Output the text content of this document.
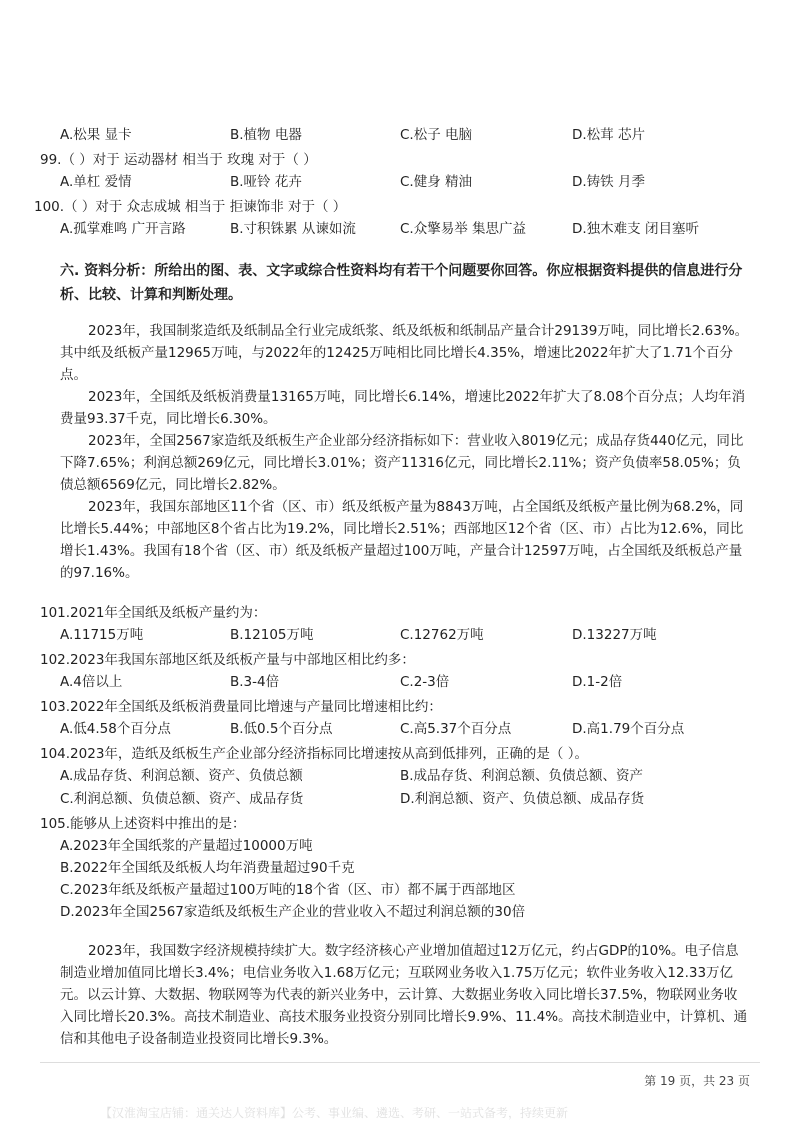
A.松果 显卡	B.植物 电器	C.松子 电脑	D.松茸 芯片
99.（ ）对于 运动器材 相当于 玫瑰 对于（ ）
A.单杠 爱情	B.哑铃 花卉	C.健身 精油	D.铸铁 月季
100.（ ）对于 众志成城 相当于 拒谏饰非 对于（ ）
A.孤掌难鸣 广开言路	B.寸积铢累 从谏如流	C.众擎易举 集思广益	D.独木难支 闭目塞听
六. 资料分析：所给出的图、表、文字或综合性资料均有若干个问题要你回答。你应根据资料提供的信息进行分析、比较、计算和判断处理。
2023年，我国制浆造纸及纸制品全行业完成纸浆、纸及纸板和纸制品产量合计29139万吨，同比增长2.63%。其中纸及纸板产量12965万吨，与2022年的12425万吨相比同比增长4.35%，增速比2022年扩大了1.71个百分点。
2023年，全国纸及纸板消费量13165万吨，同比增长6.14%，增速比2022年扩大了8.08个百分点；人均年消费量93.37千克，同比增长6.30%。
2023年，全国2567家造纸及纸板生产企业部分经济指标如下：营业收入8019亿元；成品存货440亿元，同比下降7.65%；利润总额269亿元，同比增长3.01%；资产11316亿元，同比增长2.11%；资产负债率58.05%；负债总额6569亿元，同比增长2.82%。
2023年，我国东部地区11个省（区、市）纸及纸板产量为8843万吨，占全国纸及纸板产量比例为68.2%，同比增长5.44%；中部地区8个省占比为19.2%，同比增长2.51%；西部地区12个省（区、市）占比为12.6%，同比增长1.43%。我国有18个省（区、市）纸及纸板产量超过100万吨，产量合计12597万吨，占全国纸及纸板总产量的97.16%。
101.2021年全国纸及纸板产量约为：
A.11715万吨	B.12105万吨	C.12762万吨	D.13227万吨
102.2023年我国东部地区纸及纸板产量与中部地区相比约多：
A.4倍以上	B.3-4倍	C.2-3倍	D.1-2倍
103.2022年全国纸及纸板消费量同比增速与产量同比增速相比约：
A.低4.58个百分点	B.低0.5个百分点	C.高5.37个百分点	D.高1.79个百分点
104.2023年，造纸及纸板生产企业部分经济指标同比增速按从高到低排列，正确的是（ ）。
A.成品存货、利润总额、资产、负债总额	B.成品存货、利润总额、负债总额、资产
C.利润总额、负债总额、资产、成品存货	D.利润总额、资产、负债总额、成品存货
105.能够从上述资料中推出的是：
A.2023年全国纸浆的产量超过10000万吨
B.2022年全国纸及纸板人均年消费量超过90千克
C.2023年纸及纸板产量超过100万吨的18个省（区、市）都不属于西部地区
D.2023年全国2567家造纸及纸板生产企业的营业收入不超过利润总额的30倍
2023年，我国数字经济规模持续扩大。数字经济核心产业增加值超过12万亿元，约占GDP的10%。电子信息制造业增加值同比增长3.4%；电信业务收入1.68万亿元；互联网业务收入1.75万亿元；软件业务收入12.33万亿元。以云计算、大数据、物联网等为代表的新兴业务中，云计算、大数据业务收入同比增长37.5%，物联网业务收入同比增长20.3%。高技术制造业、高技术服务业投资分别同比增长9.9%、11.4%。高技术制造业中，计算机、通信和其他电子设备制造业投资同比增长9.3%。
第 19 页，共 23 页
【汉淮淘宝店铺：通关达人资料库】公考、事业编、遴选、考研、一站式备考，持续更新
